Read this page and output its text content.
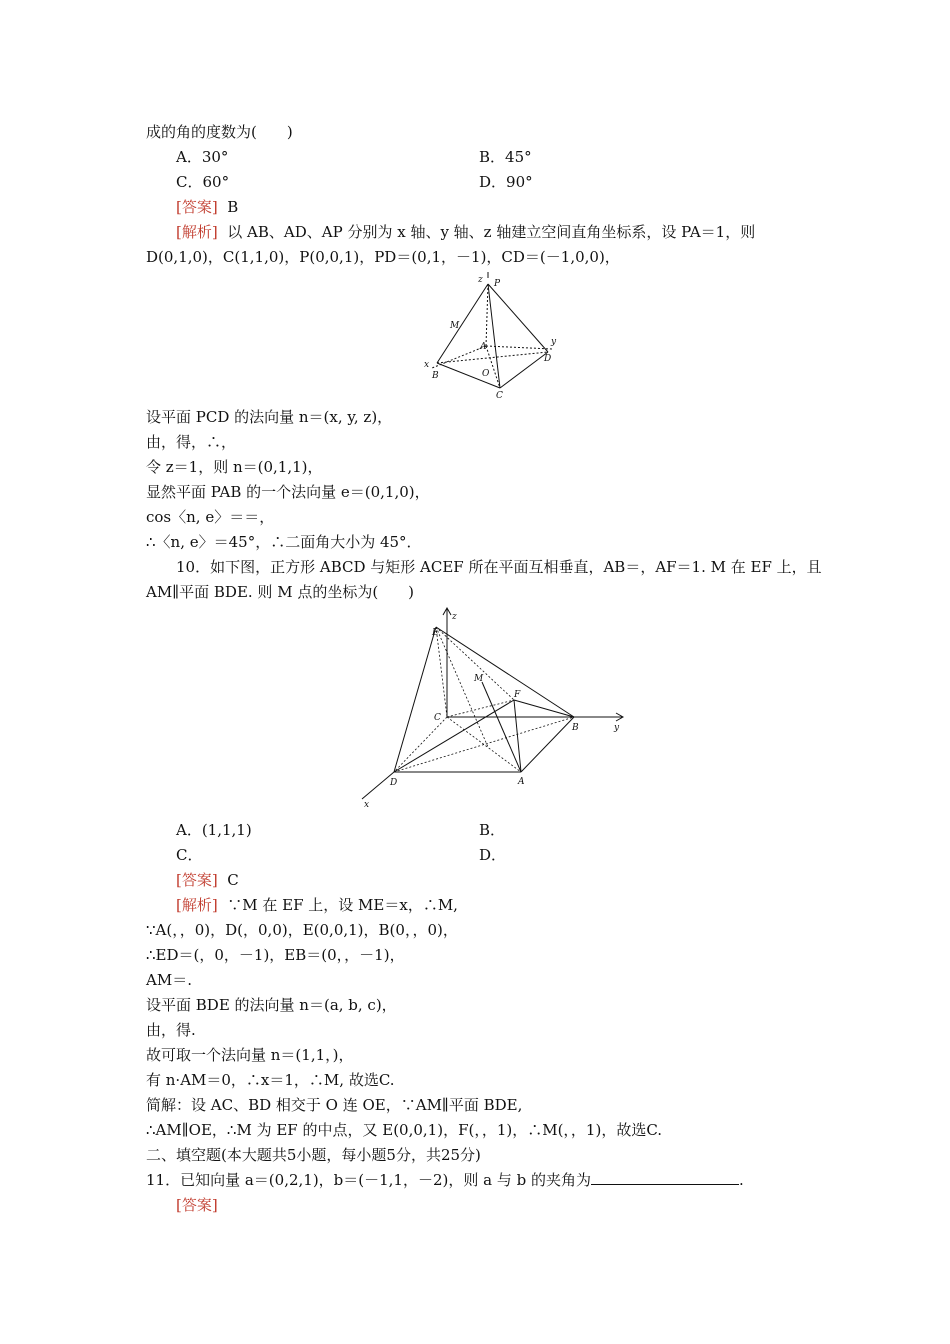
成的角的度数为(　　)
A．30°	B．45°
C．60°	D．90°
[答案] B
[解析] 以 AB、AD、AP 分别为 x 轴、y 轴、z 轴建立空间直角坐标系，设 PA＝1，则
D(0,1,0)，C(1,1,0)，P(0,0,1)，PD＝(0,1，－1)，CD＝(－1,0,0)，
z P
M
A
x
B	O
y
D
C
设平面 PCD 的法向量 n＝(x, y, z)，
由，得，∴，
令 z＝1，则 n＝(0,1,1)，
显然平面 PAB 的一个法向量 e＝(0,1,0)，
cos〈n, e〉＝＝，
∴〈n, e〉＝45°，∴二面角大小为 45°．
10．如下图，正方形 ABCD 与矩形 ACEF 所在平面互相垂直，AB＝，AF＝1. M 在 EF 上，且
AM∥平面 BDE. 则 M 点的坐标为(　　)
E
z
M
F
C
B	y
D	A
x
A．(1,1,1)	B．
C．	D．
[答案] C
[解析] ∵M 在 EF 上，设 ME＝x，∴M,
∵A(，，0)，D(，0,0)，E(0,0,1)，B(0，，0)，
∴ED＝(，0，－1)，EB＝(0，，－1)，
AM＝.
设平面 BDE 的法向量 n＝(a, b, c)，
由，得.
故可取一个法向量 n＝(1,1，)，
有 n·AM＝0，∴x＝1，∴M, 故选C.
简解：设 AC、BD 相交于 O 连 OE，∵AM∥平面 BDE,
∴AM∥OE，∴M 为 EF 的中点，又 E(0,0,1)，F(，，1)，∴M(，，1)，故选C.
二、填空题(本大题共5小题，每小题5分，共25分)
11．已知向量 a＝(0,2,1)，b＝(－1,1，－2)，则 a 与 b 的夹角为	.
[答案]
